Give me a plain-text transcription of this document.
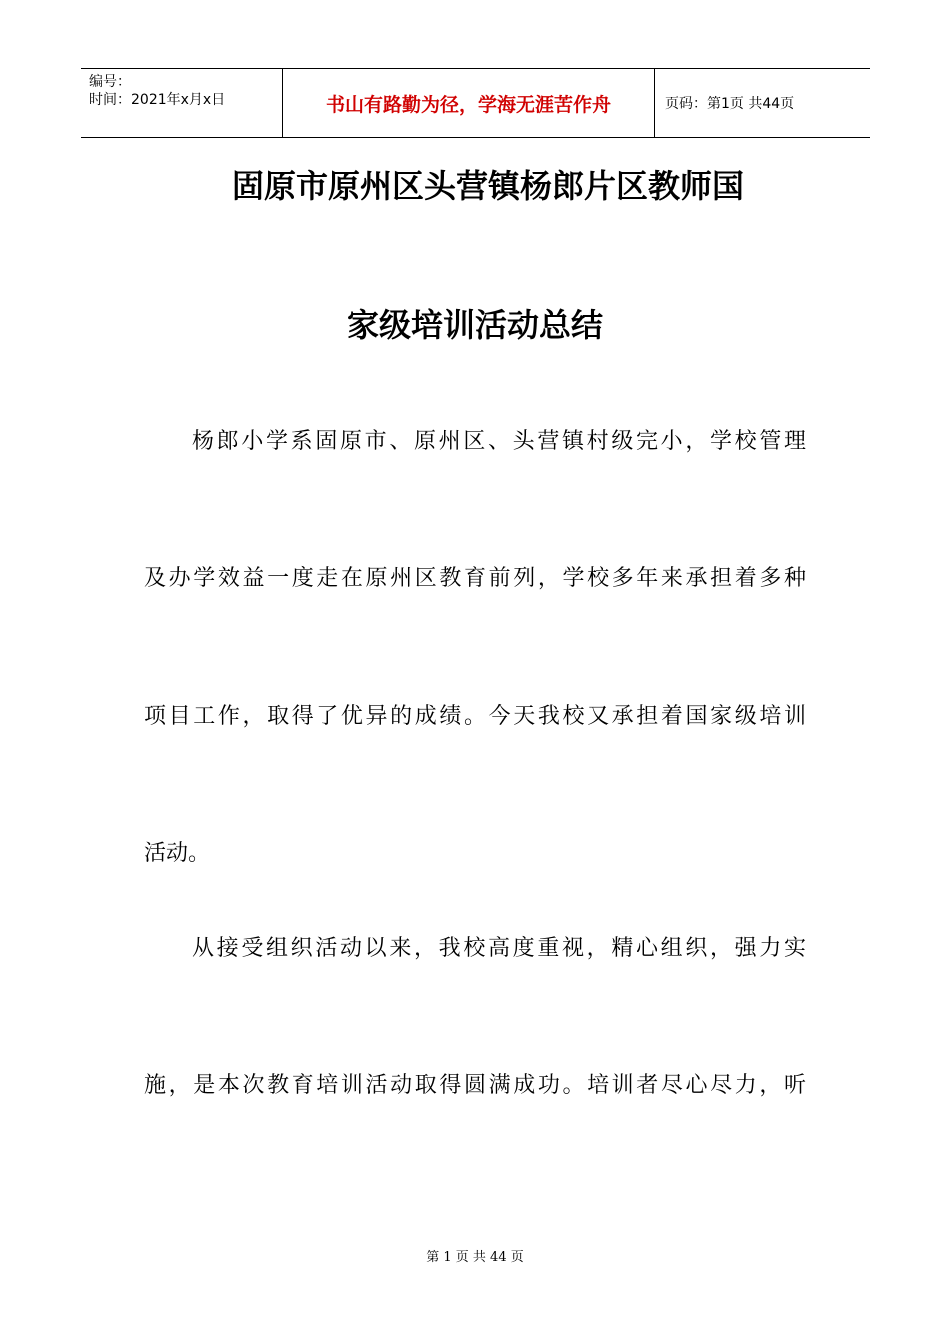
编号：
时间：2021年x月x日	书山有路勤为径，学海无涯苦作舟	页码：第1页 共44页
固原市原州区头营镇杨郎片区教师国
家级培训活动总结
杨郎小学系固原市、原州区、头营镇村级完小，学校管理
及办学效益一度走在原州区教育前列，学校多年来承担着多种
项目工作，取得了优异的成绩。今天我校又承担着国家级培训
活动。
从接受组织活动以来，我校高度重视，精心组织，强力实
施，是本次教育培训活动取得圆满成功。培训者尽心尽力，听
第 1 页 共 44 页
